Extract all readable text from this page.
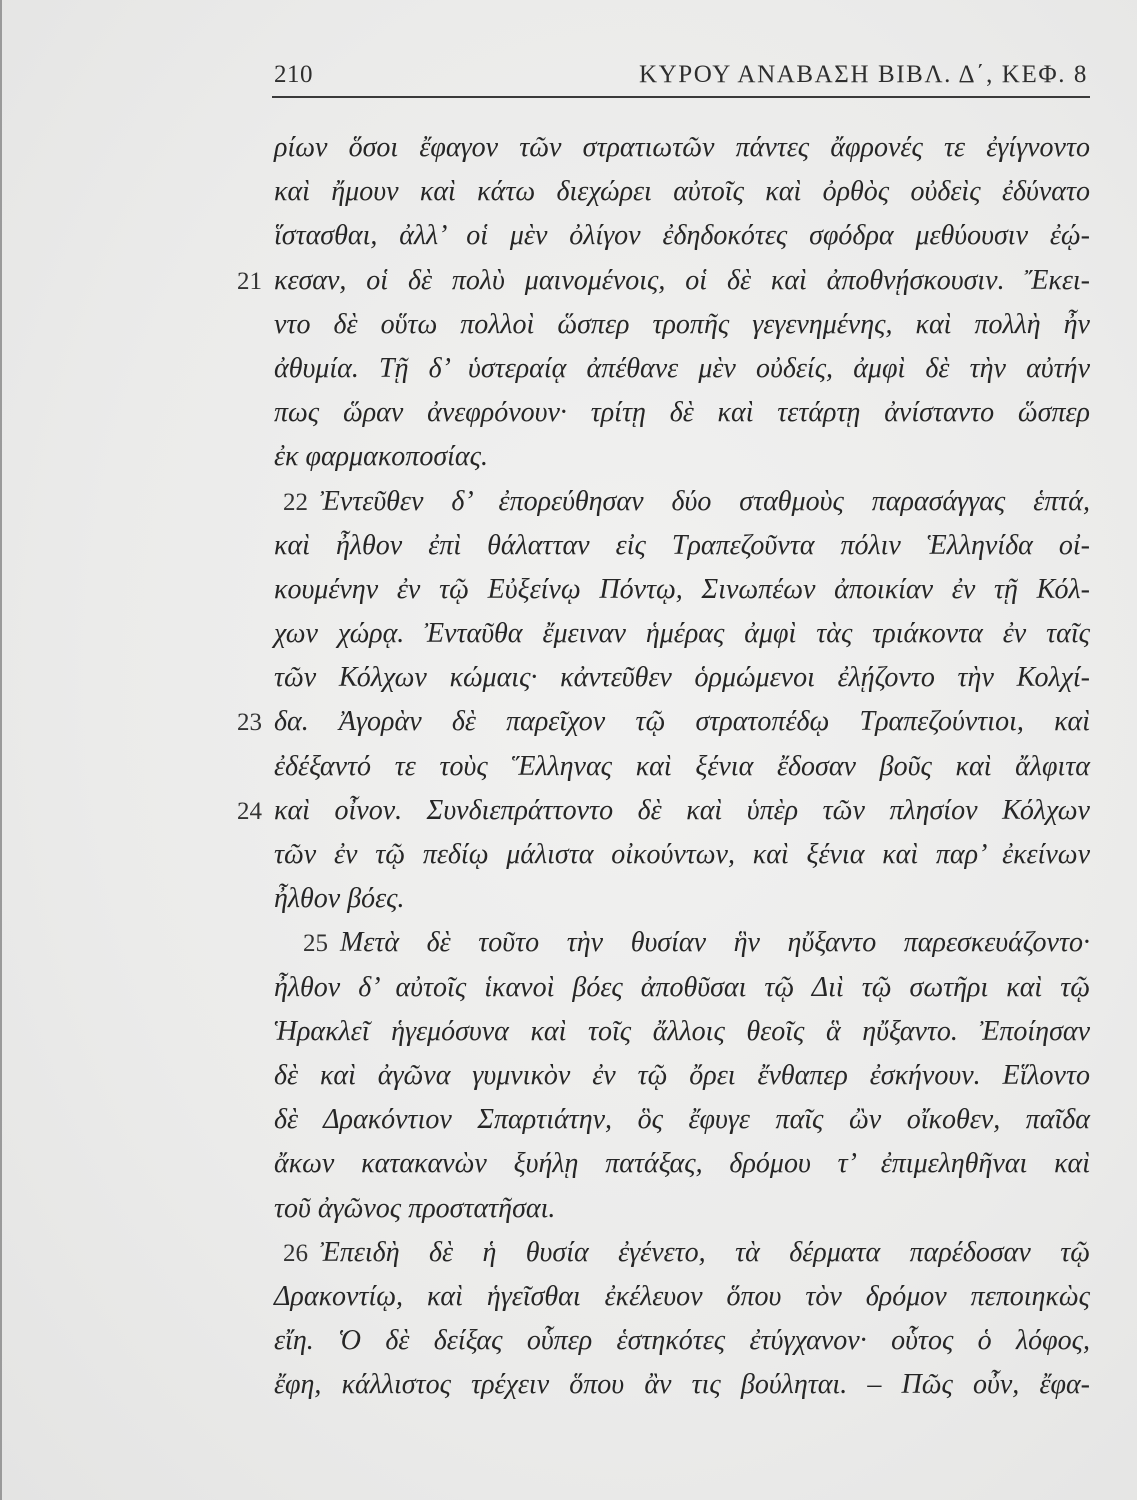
210	ΚΥΡΟΥ ΑΝΑΒΑΣΗ ΒΙΒΛ. Δ΄, ΚΕΦ. 8
ρίων ὅσοι ἔφαγον τῶν στρατιωτῶν πάντες ἄφρονές τε ἐγίγνοντο
καὶ ἤμουν καὶ κάτω διεχώρει αὐτοῖς καὶ ὀρθὸς οὐδεὶς ἐδύνατο
ἵστασθαι, ἀλλ’ οἱ μὲν ὀλίγον ἐδηδοκότες σφόδρα μεθύουσιν ἐῴ-
21 κεσαν, οἱ δὲ πολὺ μαινομένοις, οἱ δὲ καὶ ἀποθνῄσκουσιν. Ἔκει-
ντο δὲ οὕτω πολλοὶ ὥσπερ τροπῆς γεγενημένης, καὶ πολλὴ ἦν
ἀθυμία. Τῇ δ’ ὑστεραίᾳ ἀπέθανε μὲν οὐδείς, ἀμφὶ δὲ τὴν αὐτήν
πως ὥραν ἀνεφρόνουν· τρίτῃ δὲ καὶ τετάρτῃ ἀνίσταντο ὥσπερ
ἐκ φαρμακοποσίας.
22 Ἐντεῦθεν δ’ ἐπορεύθησαν δύο σταθμοὺς παρασάγγας ἑπτά,
καὶ ἦλθον ἐπὶ θάλατταν εἰς Τραπεζοῦντα πόλιν Ἑλληνίδα οἰ-
κουμένην ἐν τῷ Εὐξείνῳ Πόντῳ, Σινωπέων ἀποικίαν ἐν τῇ Κόλ-
χων χώρᾳ. Ἐνταῦθα ἔμειναν ἡμέρας ἀμφὶ τὰς τριάκοντα ἐν ταῖς
τῶν Κόλχων κώμαις· κἀντεῦθεν ὁρμώμενοι ἐλῄζοντο τὴν Κολχί-
23 δα. Ἀγορὰν δὲ παρεῖχον τῷ στρατοπέδῳ Τραπεζούντιοι, καὶ
ἐδέξαντό τε τοὺς Ἕλληνας καὶ ξένια ἔδοσαν βοῦς καὶ ἄλφιτα
24 καὶ οἶνον. Συνδιεπράττοντο δὲ καὶ ὑπὲρ τῶν πλησίον Κόλχων
τῶν ἐν τῷ πεδίῳ μάλιστα οἰκούντων, καὶ ξένια καὶ παρ’ ἐκείνων
ἦλθον βόες.
25 Μετὰ δὲ τοῦτο τὴν θυσίαν ἣν ηὔξαντο παρεσκευάζοντο·
ἦλθον δ’ αὐτοῖς ἱκανοὶ βόες ἀποθῦσαι τῷ Διὶ τῷ σωτῆρι καὶ τῷ
Ἡρακλεῖ ἡγεμόσυνα καὶ τοῖς ἄλλοις θεοῖς ἃ ηὔξαντο. Ἐποίησαν
δὲ καὶ ἀγῶνα γυμνικὸν ἐν τῷ ὄρει ἔνθαπερ ἐσκήνουν. Εἵλοντο
δὲ Δρακόντιον Σπαρτιάτην, ὃς ἔφυγε παῖς ὢν οἴκοθεν, παῖδα
ἄκων κατακανὼν ξυήλῃ πατάξας, δρόμου τ’ ἐπιμεληθῆναι καὶ
τοῦ ἀγῶνος προστατῆσαι.
26 Ἐπειδὴ δὲ ἡ θυσία ἐγένετο, τὰ δέρματα παρέδοσαν τῷ
Δρακοντίῳ, καὶ ἡγεῖσθαι ἐκέλευον ὅπου τὸν δρόμον πεποιηκὼς
εἴη. Ὁ δὲ δείξας οὗπερ ἑστηκότες ἐτύγχανον· οὗτος ὁ λόφος,
ἔφη, κάλλιστος τρέχειν ὅπου ἂν τις βούληται. – Πῶς οὖν, ἔφα-
